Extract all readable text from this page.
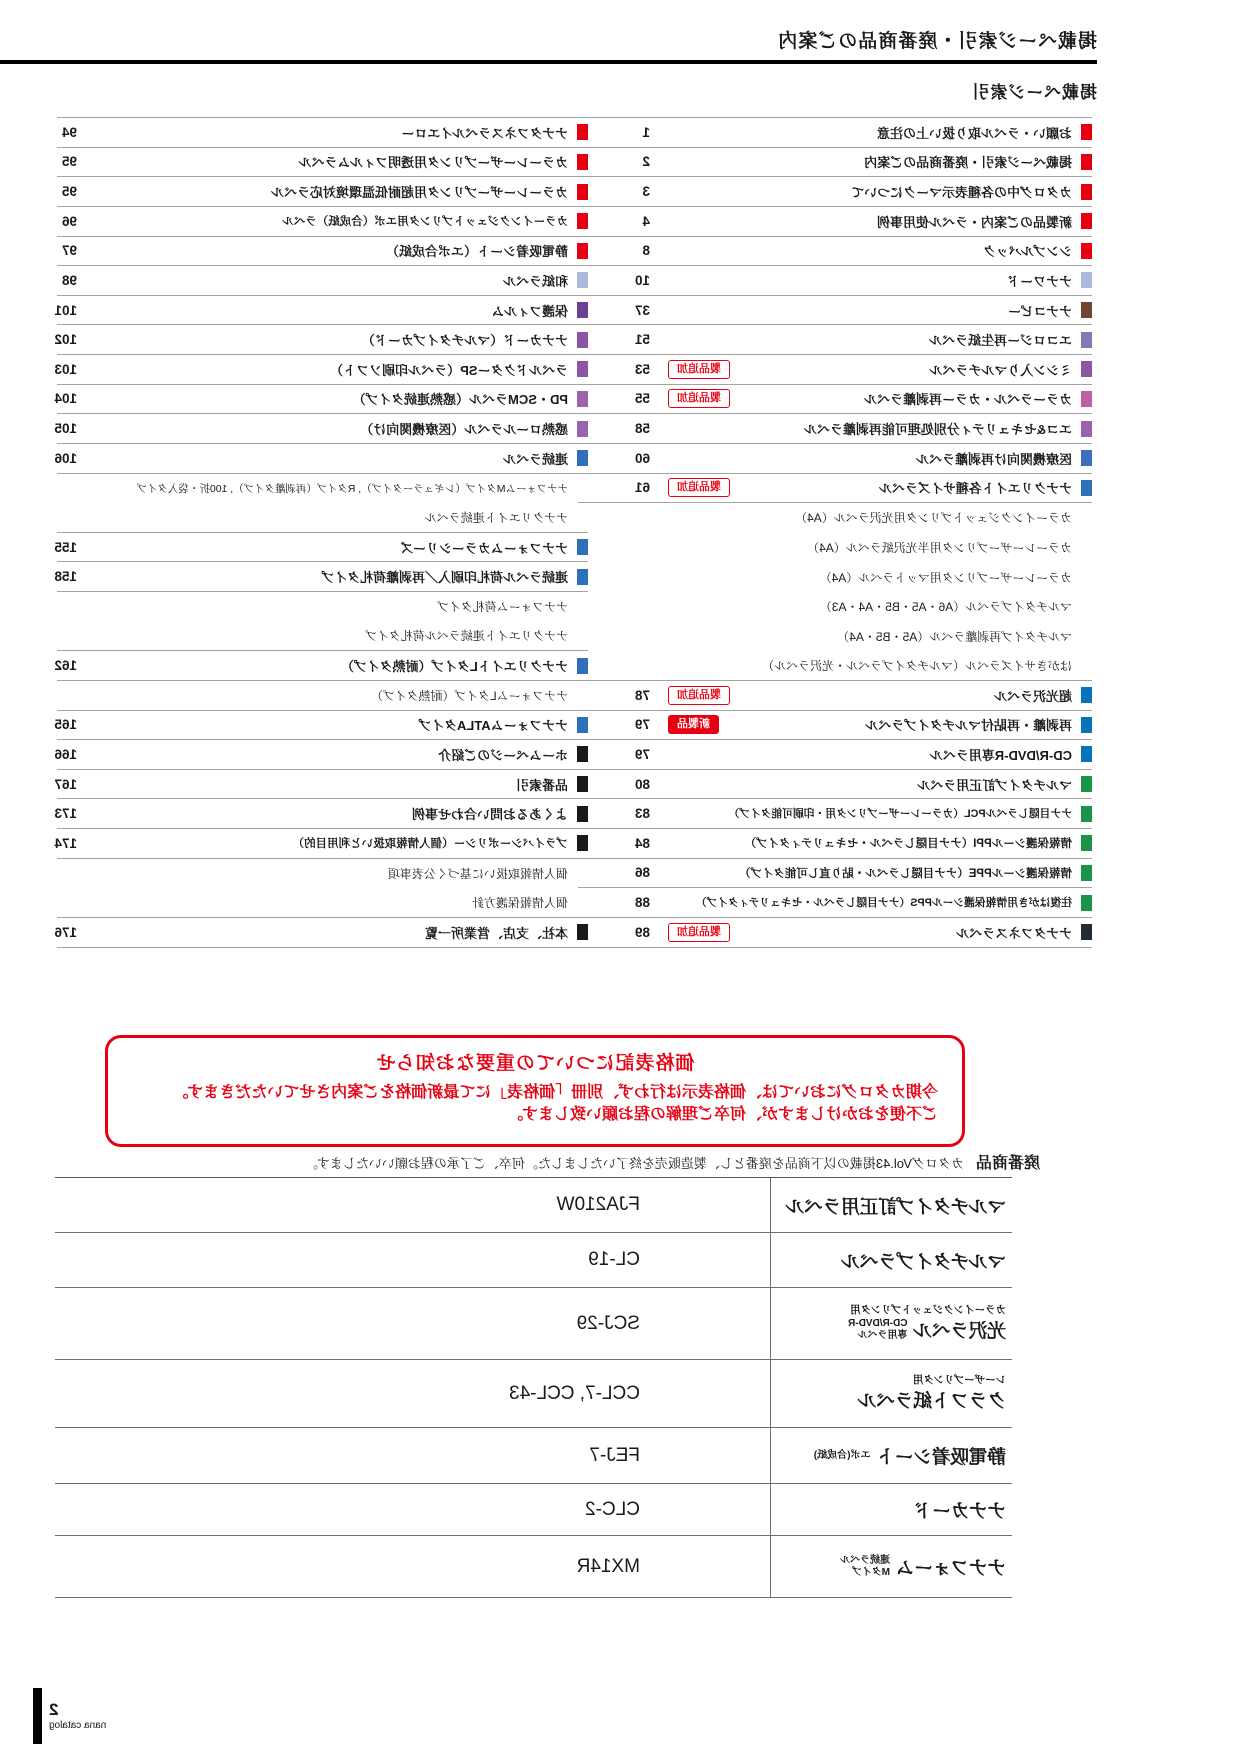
掲載ページ索引・廃番商品のご案内
掲載ページ索引
お願い・ラベル取り扱い上の注意
1
掲載ページ索引・廃番商品のご案内
2
カタログ中の各種表示マークについて
3
新製品のご案内・ラベル使用事例
4
シンプルパック
8
ナナワード
10
ナナコピー
37
エコロジー再生紙ラベル
51
ミシン入りマルチラベル
製品追加
53
カラーラベル・カラー再剥離ラベル
製品追加
55
エコ&セキュリティ分別処理可能再剥離ラベル
58
医療機関向け再剥離ラベル
60
ナナクリエイト各種サイズラベル
製品追加
61
カラーインクジェットプリンタ用光沢ラベル（A4）
カラーレーザープリンタ用半光沢紙ラベル（A4）
カラーレーザープリンタ用マットラベル（A4）
マルチタイプラベル（A6・A5・B5・A4・A3）
マルチタイプ再剥離ラベル（A5・B5・A4）
はがきサイズラベル（マルチタイプラベル・光沢ラベル）
超光沢ラベル
製品追加
78
再剥離・再貼付マルチタイプラベル
新製品
79
CD-R/DVD-R専用ラベル
79
マルチタイプ訂正用ラベル
80
ナナ目隠しラベルPCL（カラーレーザープリンタ用・印刷可能タイプ）
83
情報保護シールPPI（ナナ目隠しラベル・セキュリティタイプ）
84
情報保護シールPPE（ナナ目隠しラベル・貼り直し可能タイプ）
86
往復はがき用情報保護シールPPS（ナナ目隠しラベル・セキュリティタイプ）
88
ナナタフネスラベル
製品追加
89
ナナタフネスラベルイエロー
94
カラーレーザープリンタ用透明フィルムラベル
95
カラーレーザープリンタ用超耐低温環境対応ラベル
95
カラーインクジェットプリンタ用エポ（合成紙）ラベル
96
静電吸着シート（エポ合成紙）
97
和紙ラベル
98
保護フィルム
101
ナナカード（マルチタイプカード）
102
ラベルドクターSP（ラベル印刷ソフト）
103
PD・SCMラベル（感熱連続タイプ）
104
感熱ロールラベル（医療機関向け）
105
連続ラベル
106
ナナフォームMタイプ（レギュラータイプ）, Rタイプ（再剥離タイプ）, 100折・袋入タイプ
ナナクリエイト連続ラベル
ナナフォームカラーシリーズ
155
連続ラベル荷札印刷入／再剥離荷札タイプ
158
ナナフォーム荷札タイプ
ナナクリエイト連続ラベル荷札タイプ
ナナクリエイトLタイプ（耐熱タイプ）
162
ナナフォームLタイプ（耐熱タイプ）
ナナフォームATLAタイプ
165
ホームページのご紹介
166
品番索引
167
よくあるお問い合わせ事例
173
プライバシーポリシー（個人情報取扱いと利用目的）
174
個人情報取扱いに基づく公表事項
個人情報保護方針
本社、支店、営業所一覧
176
価格表記についての重要なお知らせ
今期カタログにおいては、価格表示は行わず、別冊「価格表」にて最新価格をご案内させていただきます。
ご不便をおかけしますが、何卒ご理解の程お願い致します。
廃番商品
カタログVol.43掲載の以下商品を廃番とし、製造販売を終了いたしました。何卒、ご了承の程お願いいたします。
マルチタイプ訂正用ラベル
FJA210W
マルチタイプラベル
CL-19
カラーインクジェットプリンタ用
光沢ラベル
CD-R/DVD-R
専用ラベル
SCJ-29
レーザープリンタ用
クラフト紙ラベル
CCL-7, CCL-43
静電吸着シート
エポ(合成紙)
FEJ-7
ナナカード
CLC-2
ナナフォーム
連続ラベル
Mタイプ
MX14R
2
nana catalog
